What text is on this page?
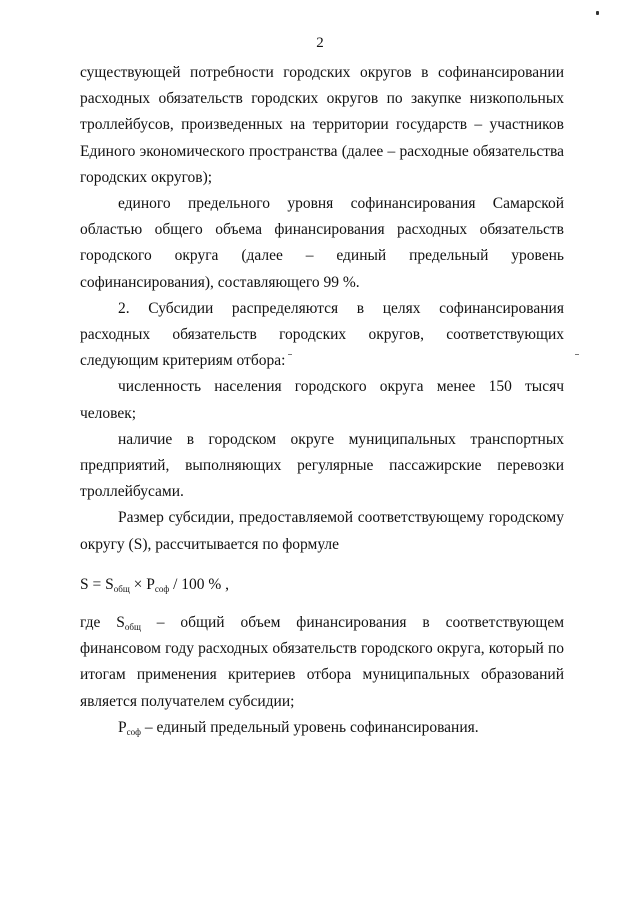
2

существующей потребности городских округов в софинансировании расходных обязательств городских округов по закупке низкопольных троллейбусов, произведенных на территории государств – участников Единого экономического пространства (далее – расходные обязательства городских округов);

единого предельного уровня софинансирования Самарской областью общего объема финансирования расходных обязательств городского округа (далее – единый предельный уровень софинансирования), составляющего 99 %.

2. Субсидии распределяются в целях софинансирования расходных обязательств городских округов, соответствующих следующим критериям отбора:

численность населения городского округа менее 150 тысяч человек;

наличие в городском округе муниципальных транспортных предприятий, выполняющих регулярные пассажирские перевозки троллейбусами.

Размер субсидии, предоставляемой соответствующему городскому округу (S), рассчитывается по формуле

$S = S_{общ} \times P_{соф} / 100$ % ,

где $S_{общ}$ – общий объем финансирования в соответствующем финансовом году расходных обязательств городского округа, который по итогам применения критериев отбора муниципальных образований является получателем субсидии;

$P_{соф}$ – единый предельный уровень софинансирования.
